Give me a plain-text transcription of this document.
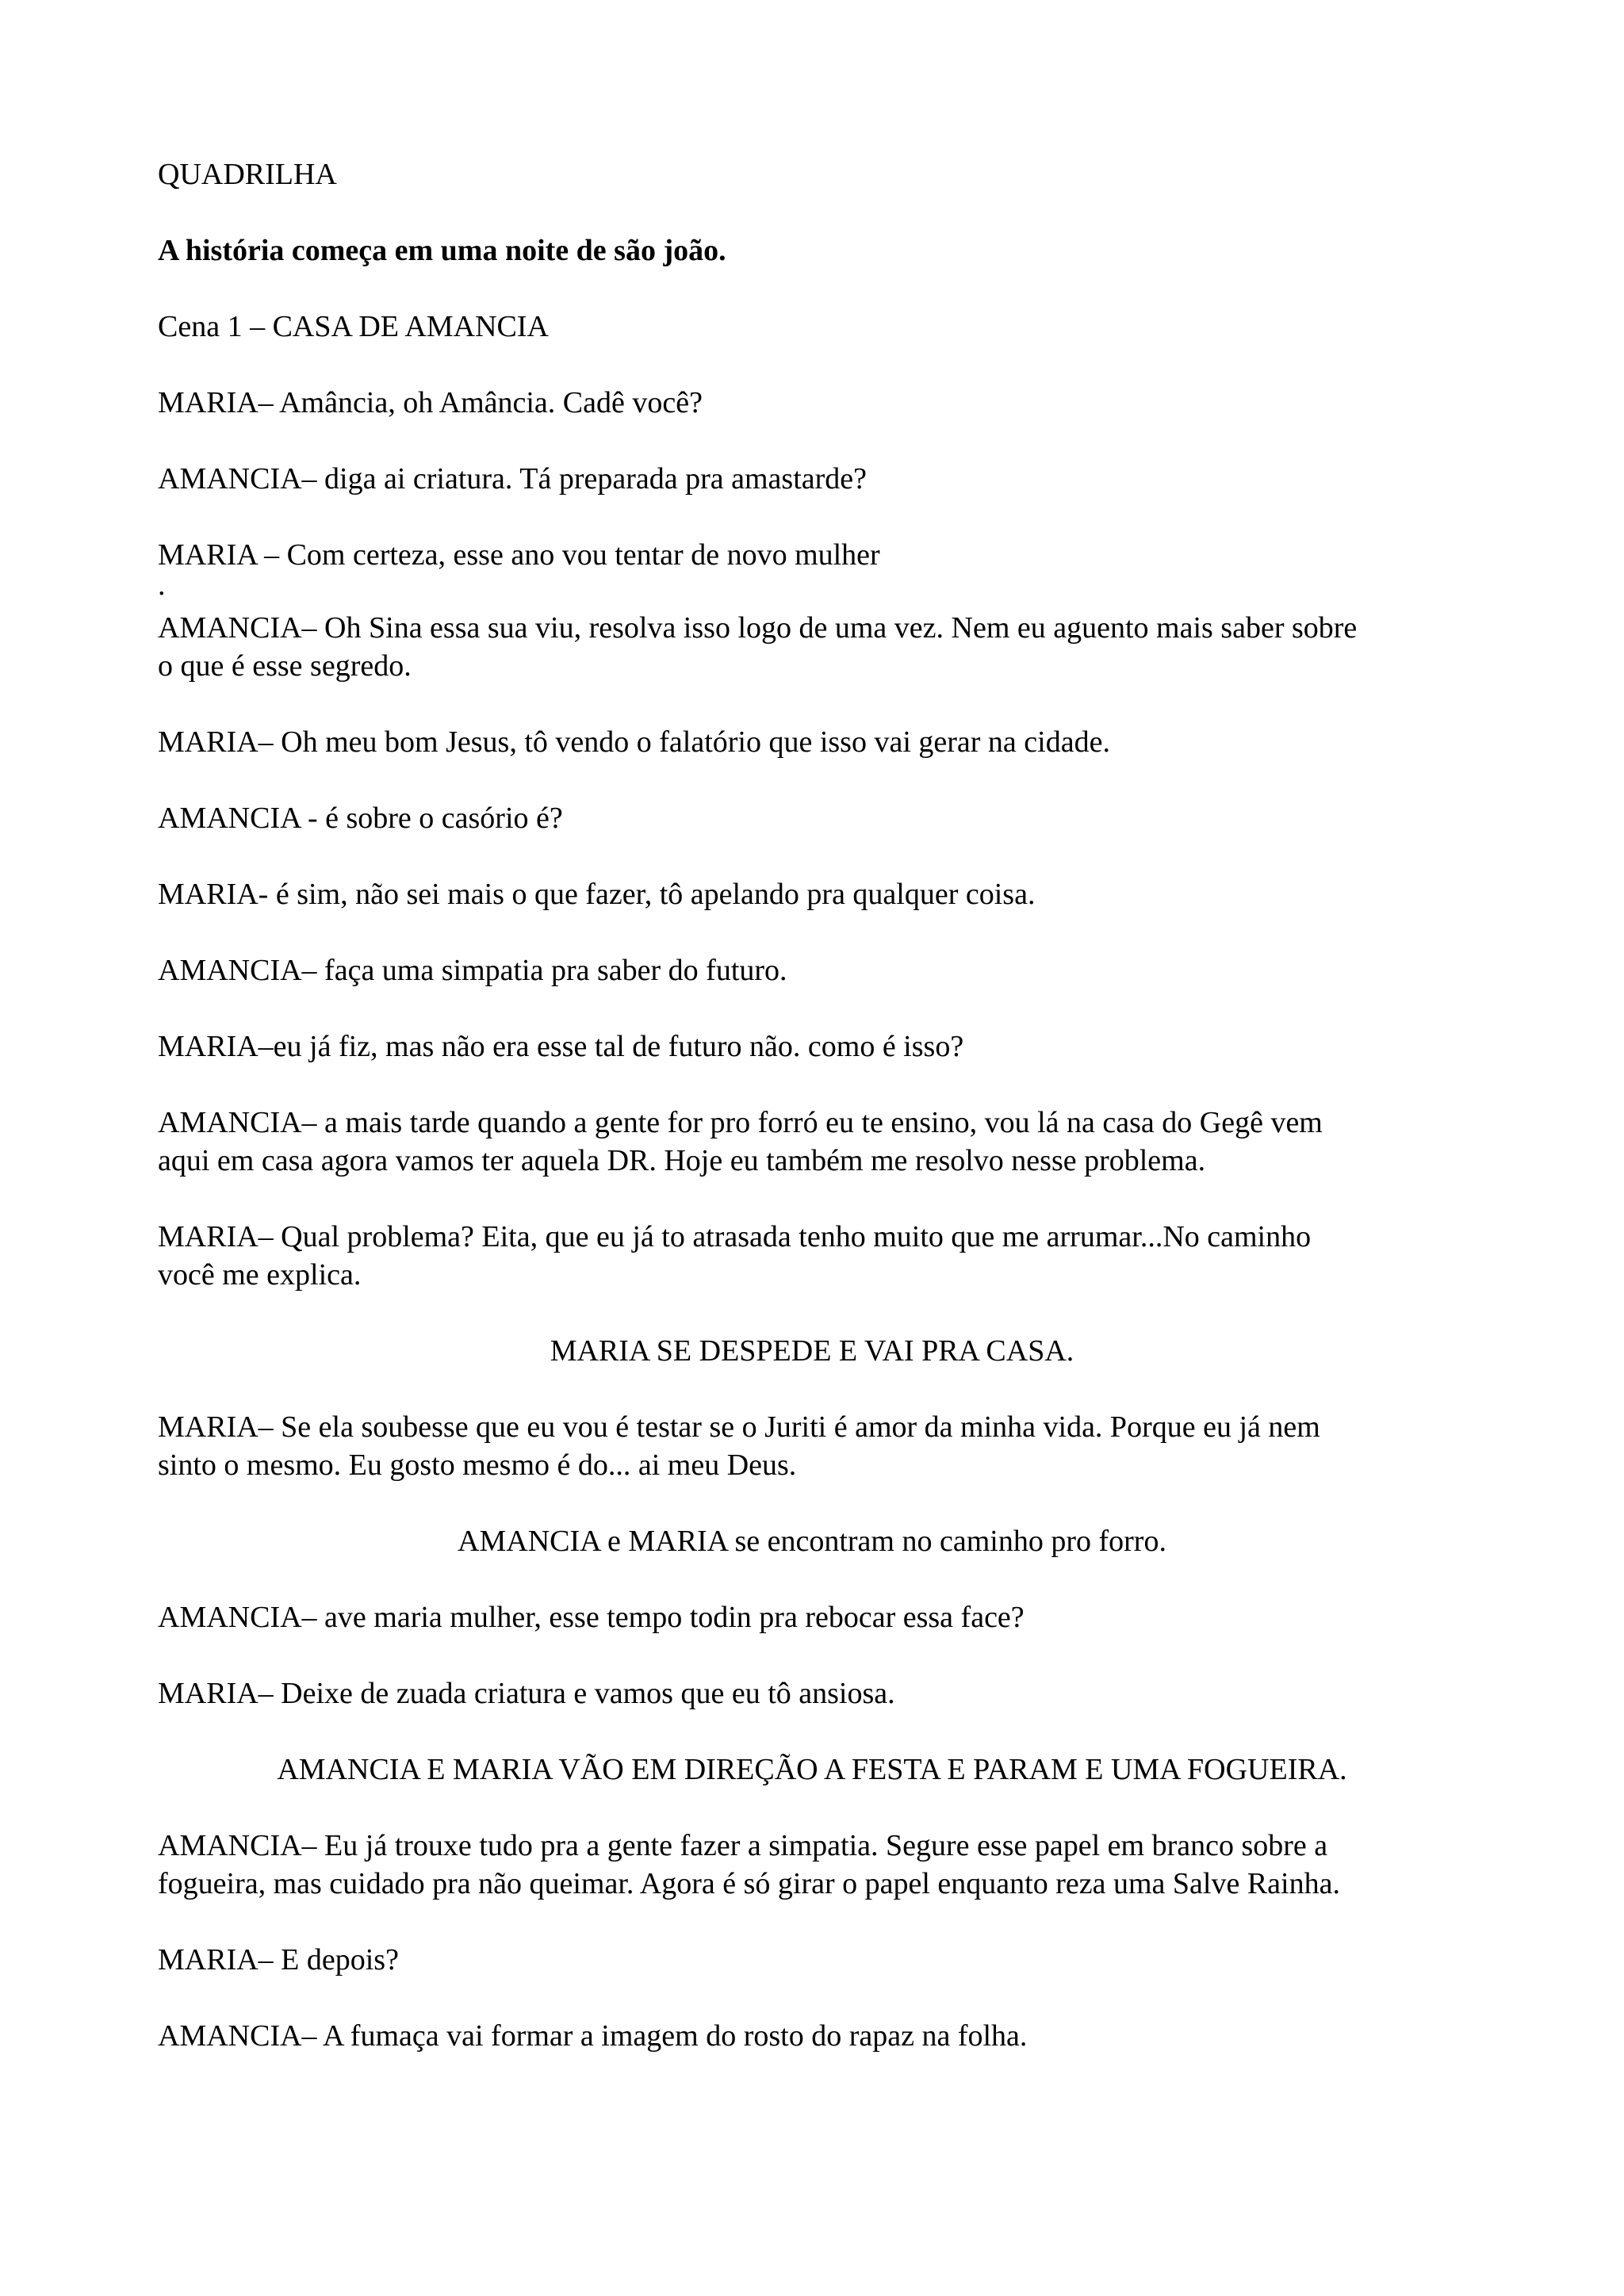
QUADRILHA
A história começa em uma noite de são joão.
Cena 1 – CASA DE AMANCIA
MARIA– Amância, oh Amância. Cadê você?
AMANCIA– diga ai criatura. Tá preparada pra amastarde?
MARIA – Com certeza, esse ano vou tentar de novo mulher
.
AMANCIA– Oh Sina essa sua viu, resolva isso logo de uma vez. Nem eu aguento mais saber sobre
o que é esse segredo.
MARIA– Oh meu bom Jesus, tô vendo o falatório que isso vai gerar na cidade.
AMANCIA - é sobre o casório é?
MARIA- é sim, não sei mais o que fazer, tô apelando pra qualquer coisa.
AMANCIA– faça uma simpatia pra saber do futuro.
MARIA–eu já fiz, mas não era esse tal de futuro não. como é isso?
AMANCIA– a mais tarde quando a gente for pro forró eu te ensino, vou lá na casa do Gegê vem
aqui em casa agora vamos ter aquela DR. Hoje eu também me resolvo nesse problema.
MARIA– Qual problema? Eita, que eu já to atrasada tenho muito que me arrumar...No caminho
você me explica.
MARIA SE DESPEDE E VAI PRA CASA.
MARIA– Se ela soubesse que eu vou é testar se o Juriti é amor da minha vida. Porque eu já nem
sinto o mesmo. Eu gosto mesmo é do... ai meu Deus.
AMANCIA e MARIA se encontram no caminho pro forro.
AMANCIA– ave maria mulher, esse tempo todin pra rebocar essa face?
MARIA– Deixe de zuada criatura e vamos que eu tô ansiosa.
AMANCIA E MARIA VÃO EM DIREÇÃO A FESTA E PARAM E UMA FOGUEIRA.
AMANCIA– Eu já trouxe tudo pra a gente fazer a simpatia. Segure esse papel em branco sobre a
fogueira, mas cuidado pra não queimar. Agora é só girar o papel enquanto reza uma Salve Rainha.
MARIA– E depois?
AMANCIA– A fumaça vai formar a imagem do rosto do rapaz na folha.
